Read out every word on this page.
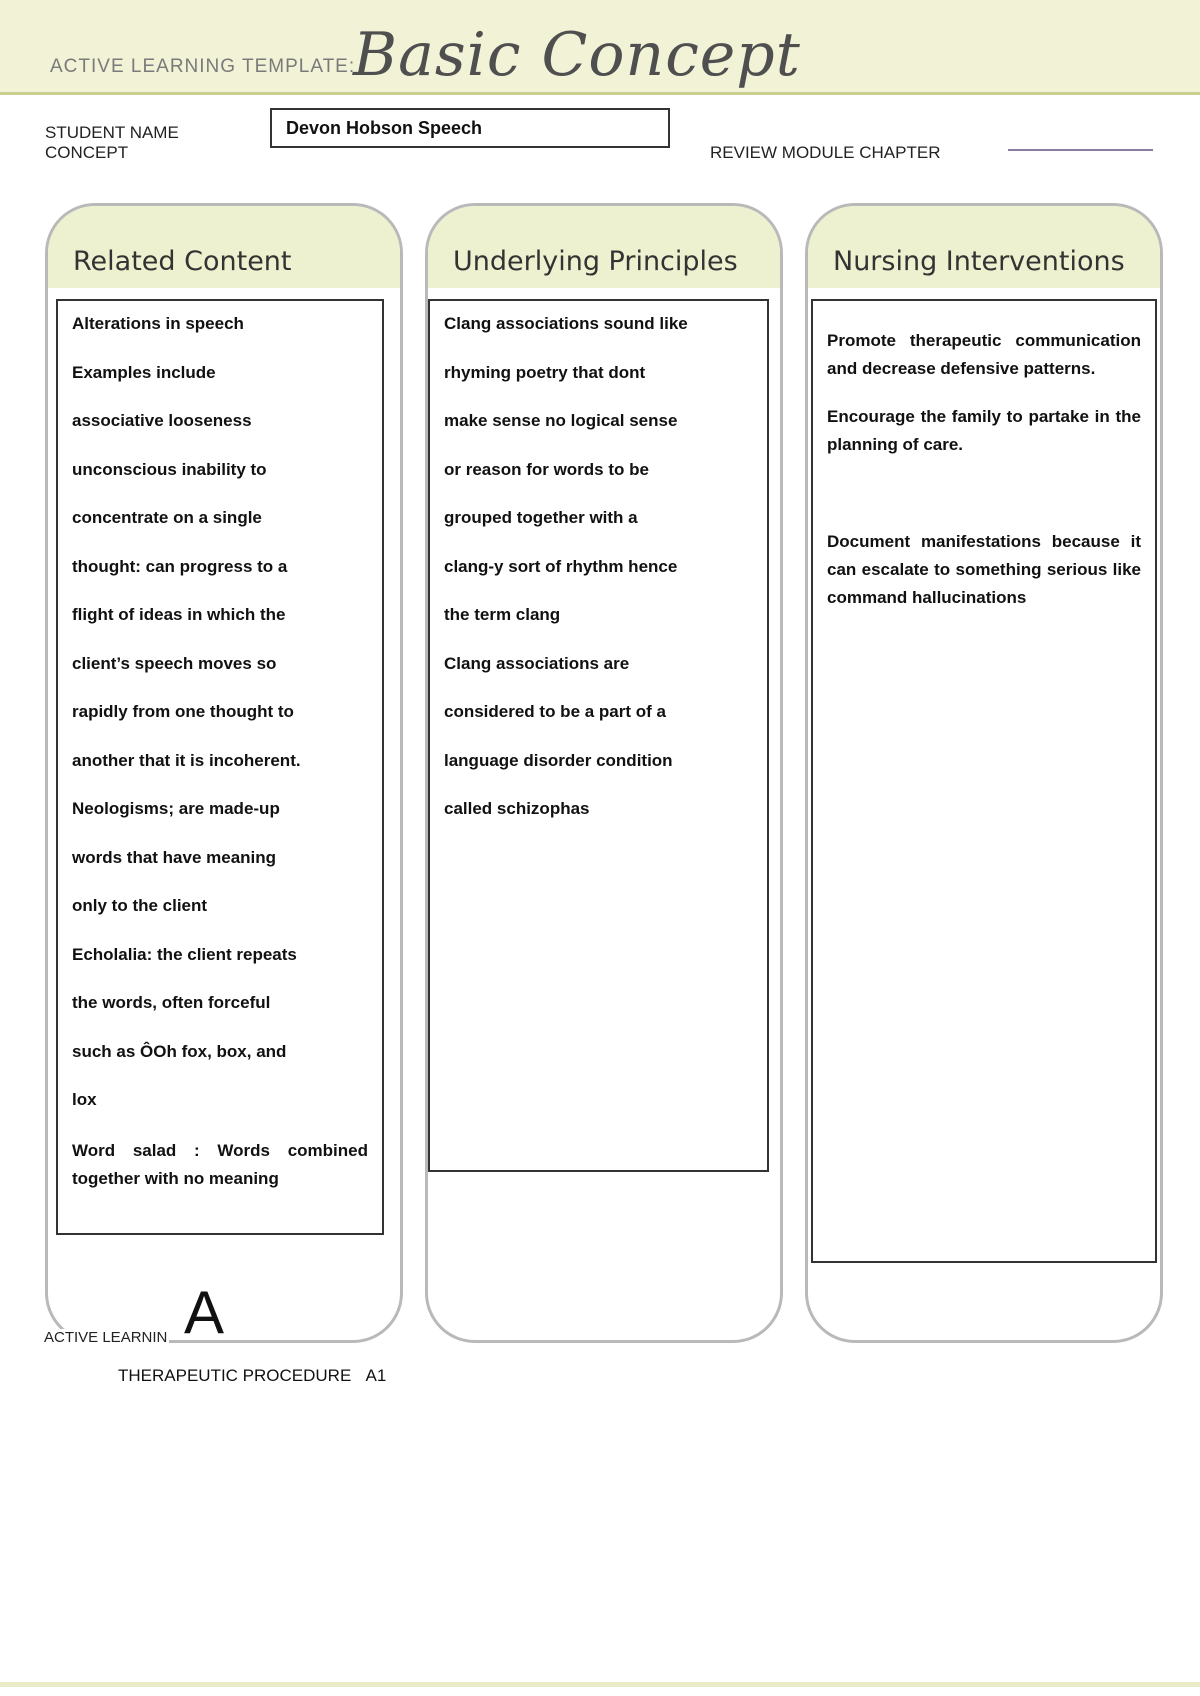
ACTIVE LEARNING TEMPLATE:
Basic Concept
STUDENT NAME
CONCEPT
Devon Hobson Speech
REVIEW MODULE CHAPTER
Related Content
Alterations in speech
Examples include
associative looseness
unconscious inability to
concentrate on a single
thought: can progress to a
flight of ideas in which the
client’s speech moves so
rapidly from one thought to
another that it is incoherent.
Neologisms; are made-up
words that have meaning
only to the client
Echolalia: the client repeats
the words, often forceful
such as ÔOh fox, box, and
lox

Word salad : Words combined together with no meaning

Underlying Principles
Clang associations sound like
rhyming poetry that dont
make sense no logical sense
or reason for words to be
grouped together with a
clang-y sort of rhythm hence
the term clang
Clang associations are
considered to be a part of a
language disorder condition
called schizophas
Nursing Interventions

Promote therapeutic communication and decrease defensive patterns.

Encourage the family to partake in the planning of care.

Document manifestations because it can escalate to something serious like command hallucinations

A
ACTIVE LEARNIN
THERAPEUTIC PROCEDURE A1
